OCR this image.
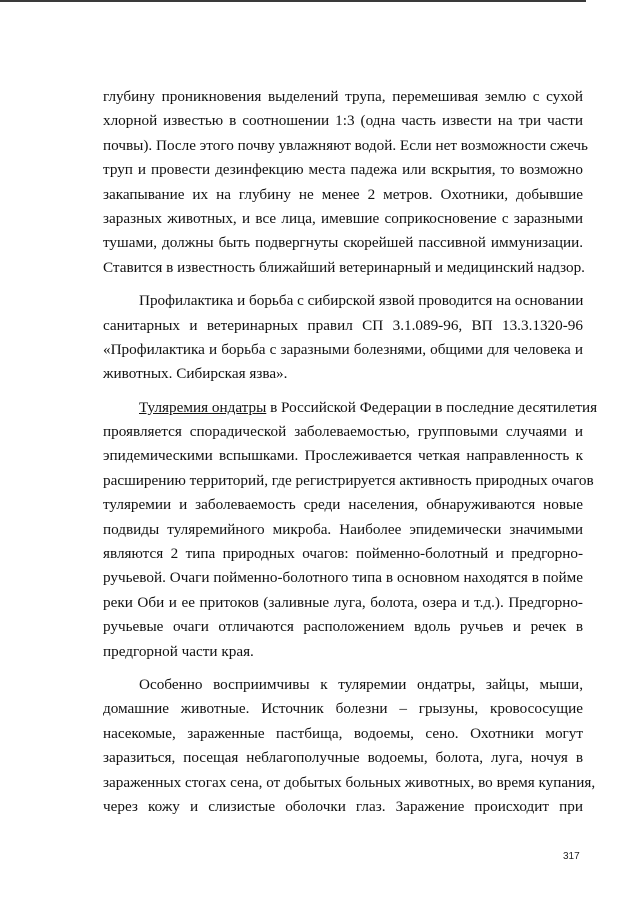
глубину проникновения выделений трупа, перемешивая землю с сухой
хлорной известью в соотношении 1:3 (одна часть извести на три части
почвы). После этого почву увлажняют водой. Если нет возможности сжечь
труп и провести дезинфекцию места падежа или вскрытия, то возможно
закапывание их на глубину не менее 2 метров. Охотники, добывшие
заразных животных, и все лица, имевшие соприкосновение с заразными
тушами, должны быть подвергнуты скорейшей пассивной иммунизации.
Ставится в известность ближайший ветеринарный и медицинский надзор.
Профилактика и борьба с сибирской язвой проводится на основании
санитарных и ветеринарных правил СП 3.1.089-96, ВП 13.3.1320-96
«Профилактика и борьба с заразными болезнями, общими для человека и
животных. Сибирская язва».
Туляремия ондатры в Российской Федерации в последние десятилетия
проявляется спорадической заболеваемостью, групповыми случаями и
эпидемическими вспышками. Прослеживается четкая направленность к
расширению территорий, где регистрируется активность природных очагов
туляремии и заболеваемость среди населения, обнаруживаются новые
подвиды туляремийного микроба. Наиболее эпидемически значимыми
являются 2 типа природных очагов: пойменно-болотный и предгорно-
ручьевой. Очаги пойменно-болотного типа в основном находятся в пойме
реки Оби и ее притоков (заливные луга, болота, озера и т.д.). Предгорно-
ручьевые очаги отличаются расположением вдоль ручьев и речек в
предгорной части края.
Особенно восприимчивы к туляремии ондатры, зайцы, мыши,
домашние животные. Источник болезни – грызуны, кровососущие
насекомые, зараженные пастбища, водоемы, сено. Охотники могут
заразиться, посещая неблагополучные водоемы, болота, луга, ночуя в
зараженных стогах сена, от добытых больных животных, во время купания,
через кожу и слизистые оболочки глаз. Заражение происходит при
317
